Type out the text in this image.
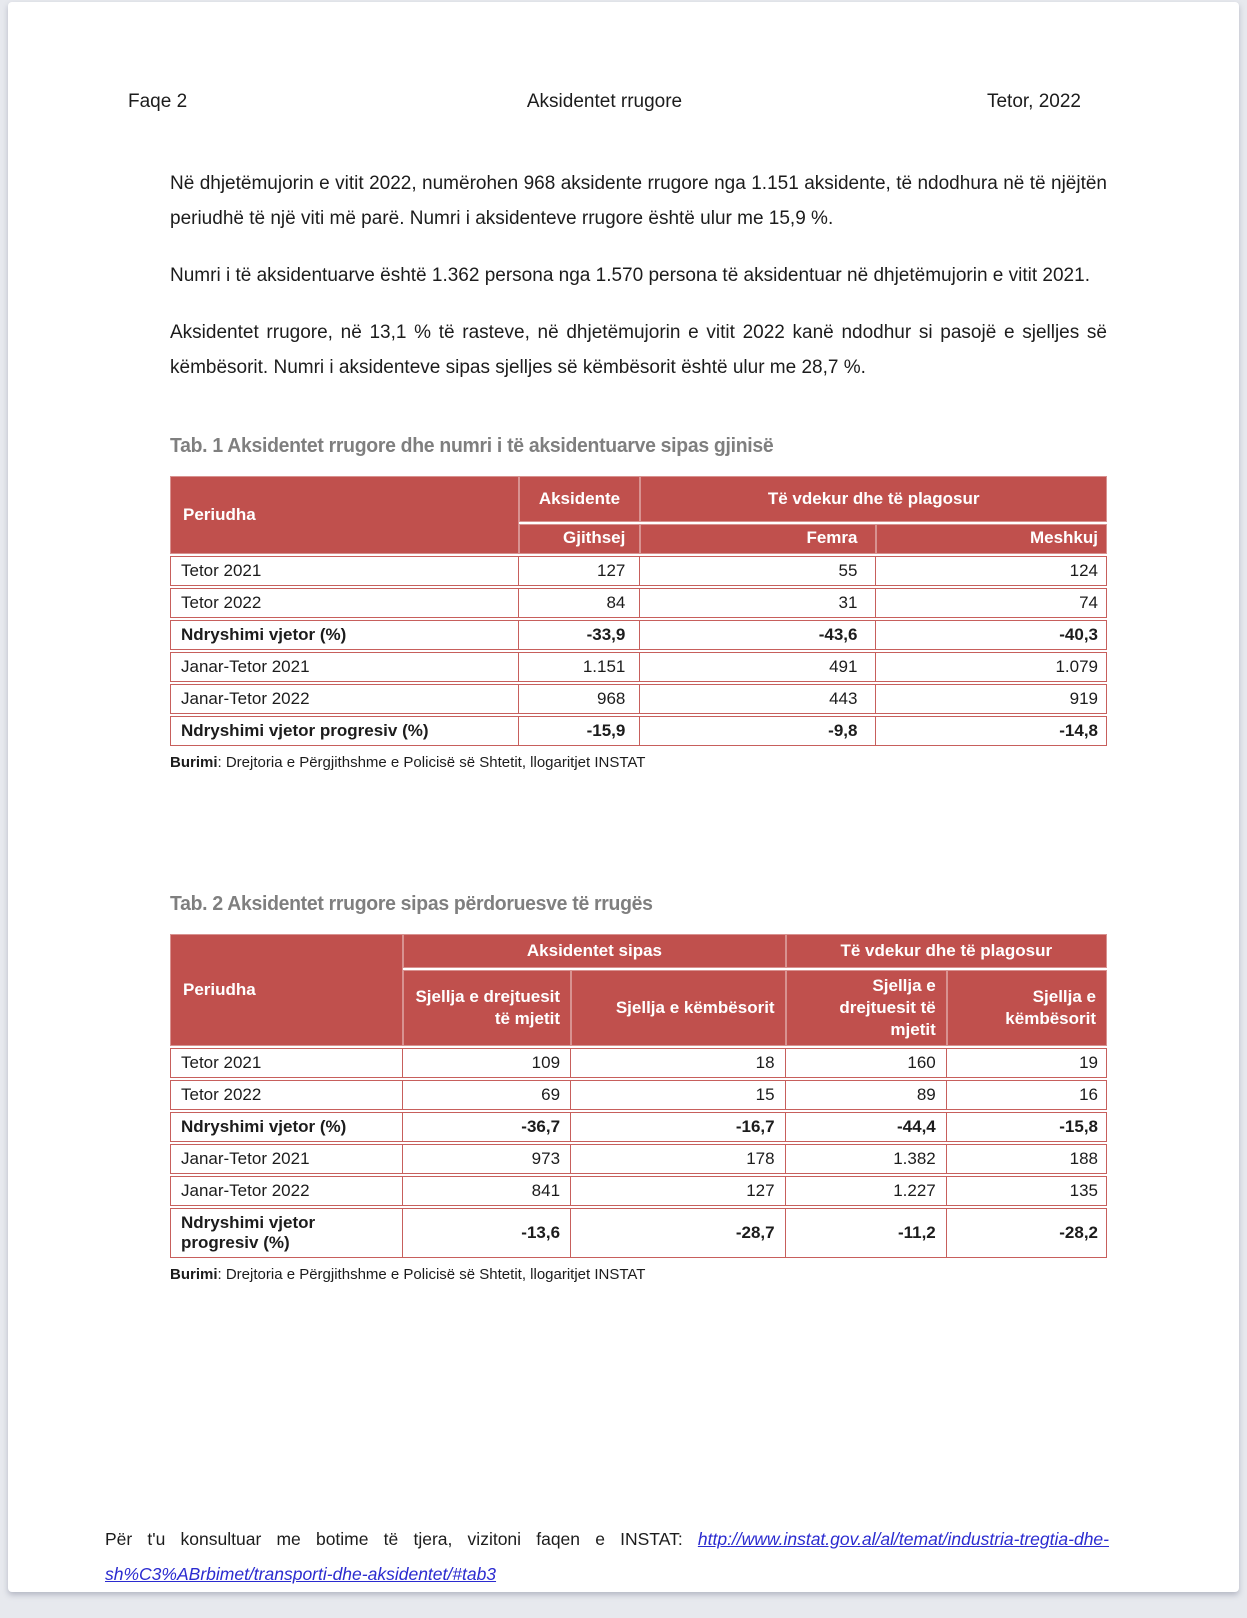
Faqe 2	Aksidentet rrugore	Tetor, 2022

Në dhjetëmujorin e vitit 2022, numërohen 968 aksidente rrugore nga 1.151 aksidente, të ndodhura në të njëjtën periudhë të një viti më parë. Numri i aksidenteve rrugore është ulur me 15,9 %.

Numri i të aksidentuarve është 1.362 persona nga 1.570 persona të aksidentuar në dhjetëmujorin e vitit 2021.

Aksidentet rrugore, në 13,1 % të rasteve, në dhjetëmujorin e vitit 2022 kanë ndodhur si pasojë e sjelljes së këmbësorit. Numri i aksidenteve sipas sjelljes së këmbësorit është ulur me 28,7 %.

Tab. 1 Aksidentet rrugore dhe numri i të aksidentuarve sipas gjinisë
Periudha	Aksidente	Të vdekur dhe të plagosur	
	Gjithsej	Femra	Meshkuj
Tetor 2021	127	55	124
Tetor 2022	84	31	74
Ndryshimi vjetor (%)	-33,9	-43,6	-40,3
Janar-Tetor 2021	1.151	491	1.079
Janar-Tetor 2022	968	443	919
Ndryshimi vjetor progresiv (%)	-15,9	-9,8	-14,8
Burimi: Drejtoria e Përgjithshme e Policisë së Shtetit, llogaritjet INSTAT
Tab. 2 Aksidentet rrugore sipas përdoruesve të rrugës
Periudha	Aksidentet sipas		Të vdekur dhe të plagosur	
	Sjellja e drejtuesit të mjetit	Sjellja e këmbësorit	Sjellja e drejtuesit të mjetit	Sjellja e këmbësorit
Tetor 2021	109	18	160	19
Tetor 2022	69	15	89	16
Ndryshimi vjetor (%)	-36,7	-16,7	-44,4	-15,8
Janar-Tetor 2021	973	178	1.382	188
Janar-Tetor 2022	841	127	1.227	135
Ndryshimi vjetor progresiv (%)	-13,6	-28,7	-11,2	-28,2
Burimi: Drejtoria e Përgjithshme e Policisë së Shtetit, llogaritjet INSTAT
Për t'u konsultuar me botime të tjera, vizitoni faqen e INSTAT: http://www.instat.gov.al/al/temat/industria-tregtia-dhe-sh%C3%ABrbimet/transporti-dhe-aksidentet/#tab3
